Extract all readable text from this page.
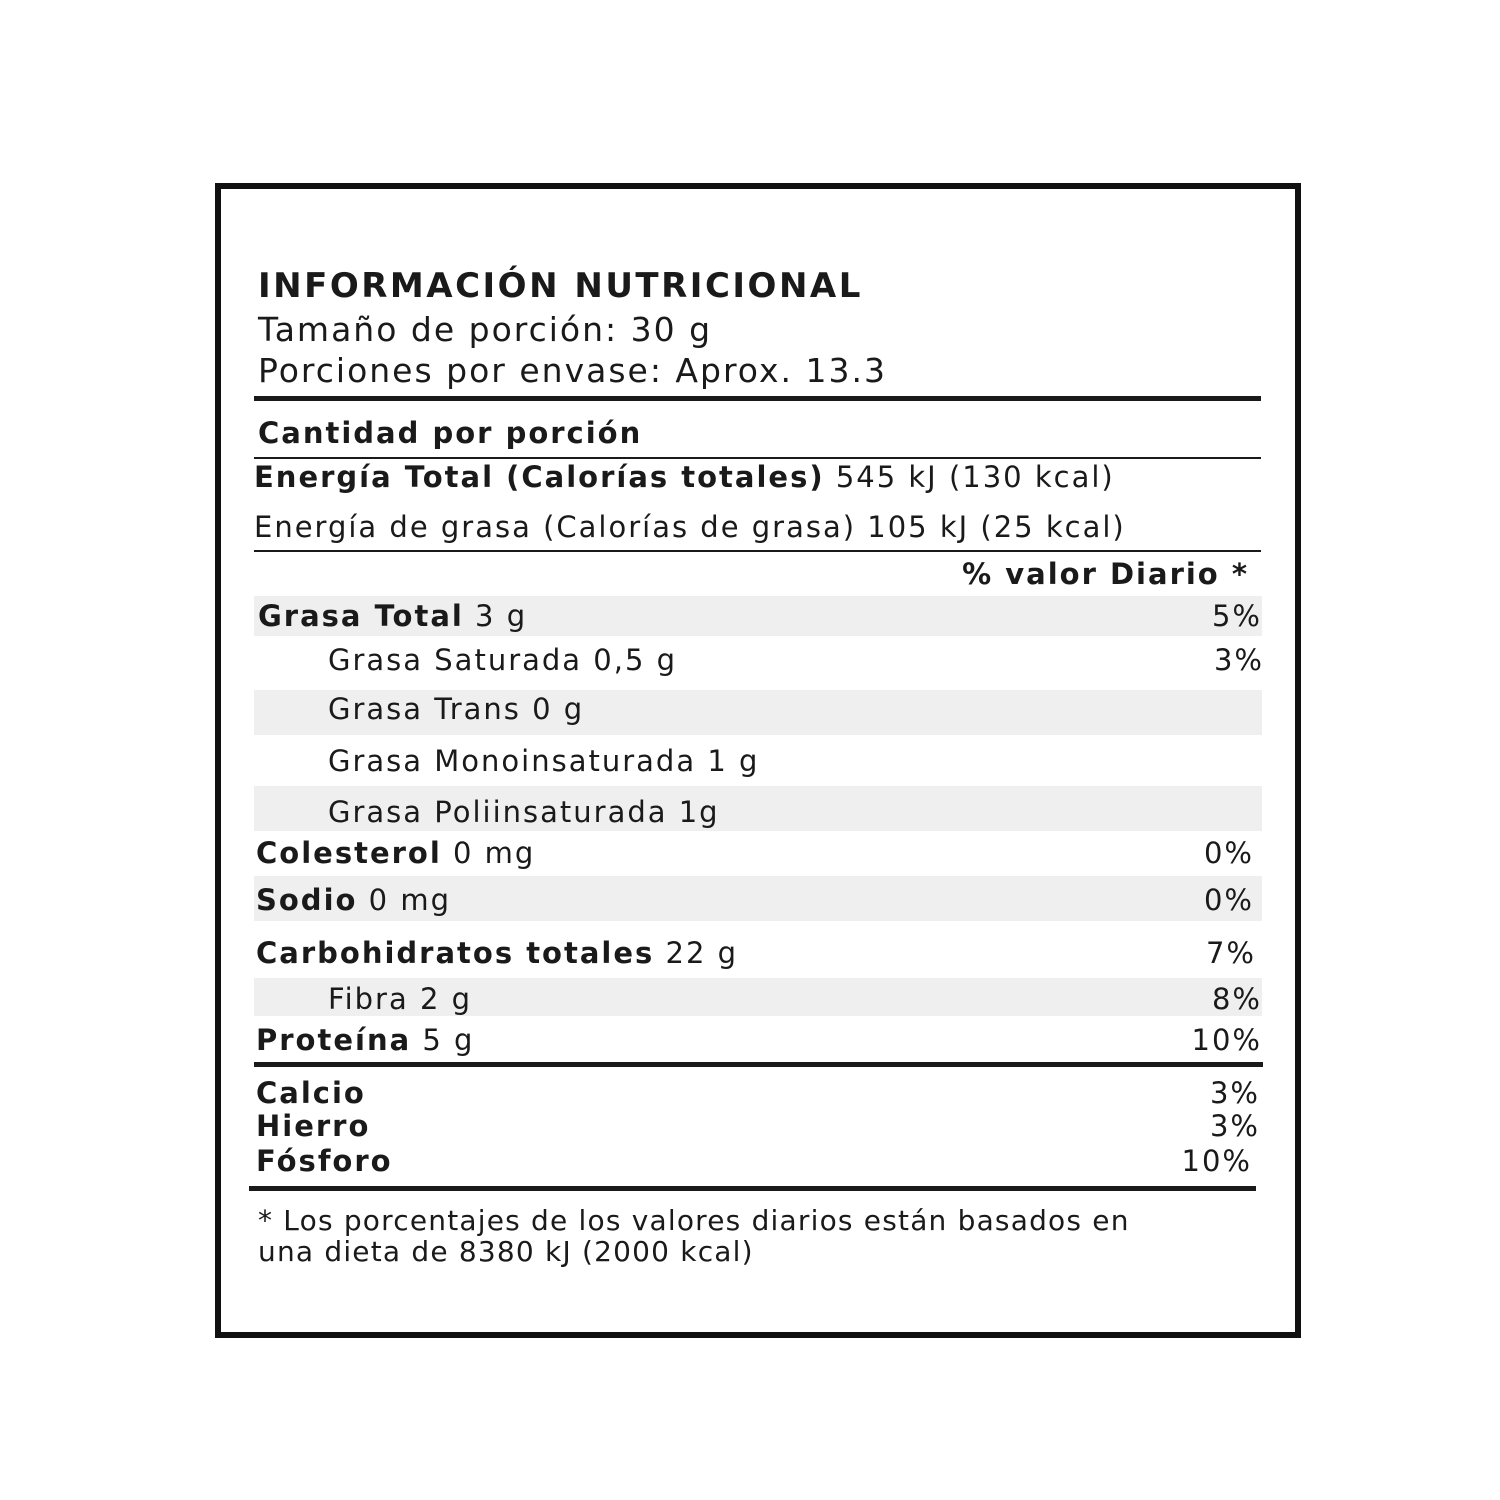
INFORMACIÓN NUTRICIONAL
Tamaño de porción: 30 g
Porciones por envase: Aprox. 13.3
Cantidad por porción
Energía Total (Calorías totales) 545 kJ (130 kcal)
Energía de grasa (Calorías de grasa) 105 kJ (25 kcal)
% valor Diario *
Grasa Total 3 g	5%
Grasa Saturada 0,5 g	3%
Grasa Trans 0 g
Grasa Monoinsaturada 1 g
Grasa Poliinsaturada 1g
Colesterol 0 mg	0%
Sodio 0 mg	0%
Carbohidratos totales 22 g	7%
Fibra 2 g	8%
Proteína 5 g	10%
Calcio	3%
Hierro	3%
Fósforo	10%
* Los porcentajes de los valores diarios están basados en
una dieta de 8380 kJ (2000 kcal)
